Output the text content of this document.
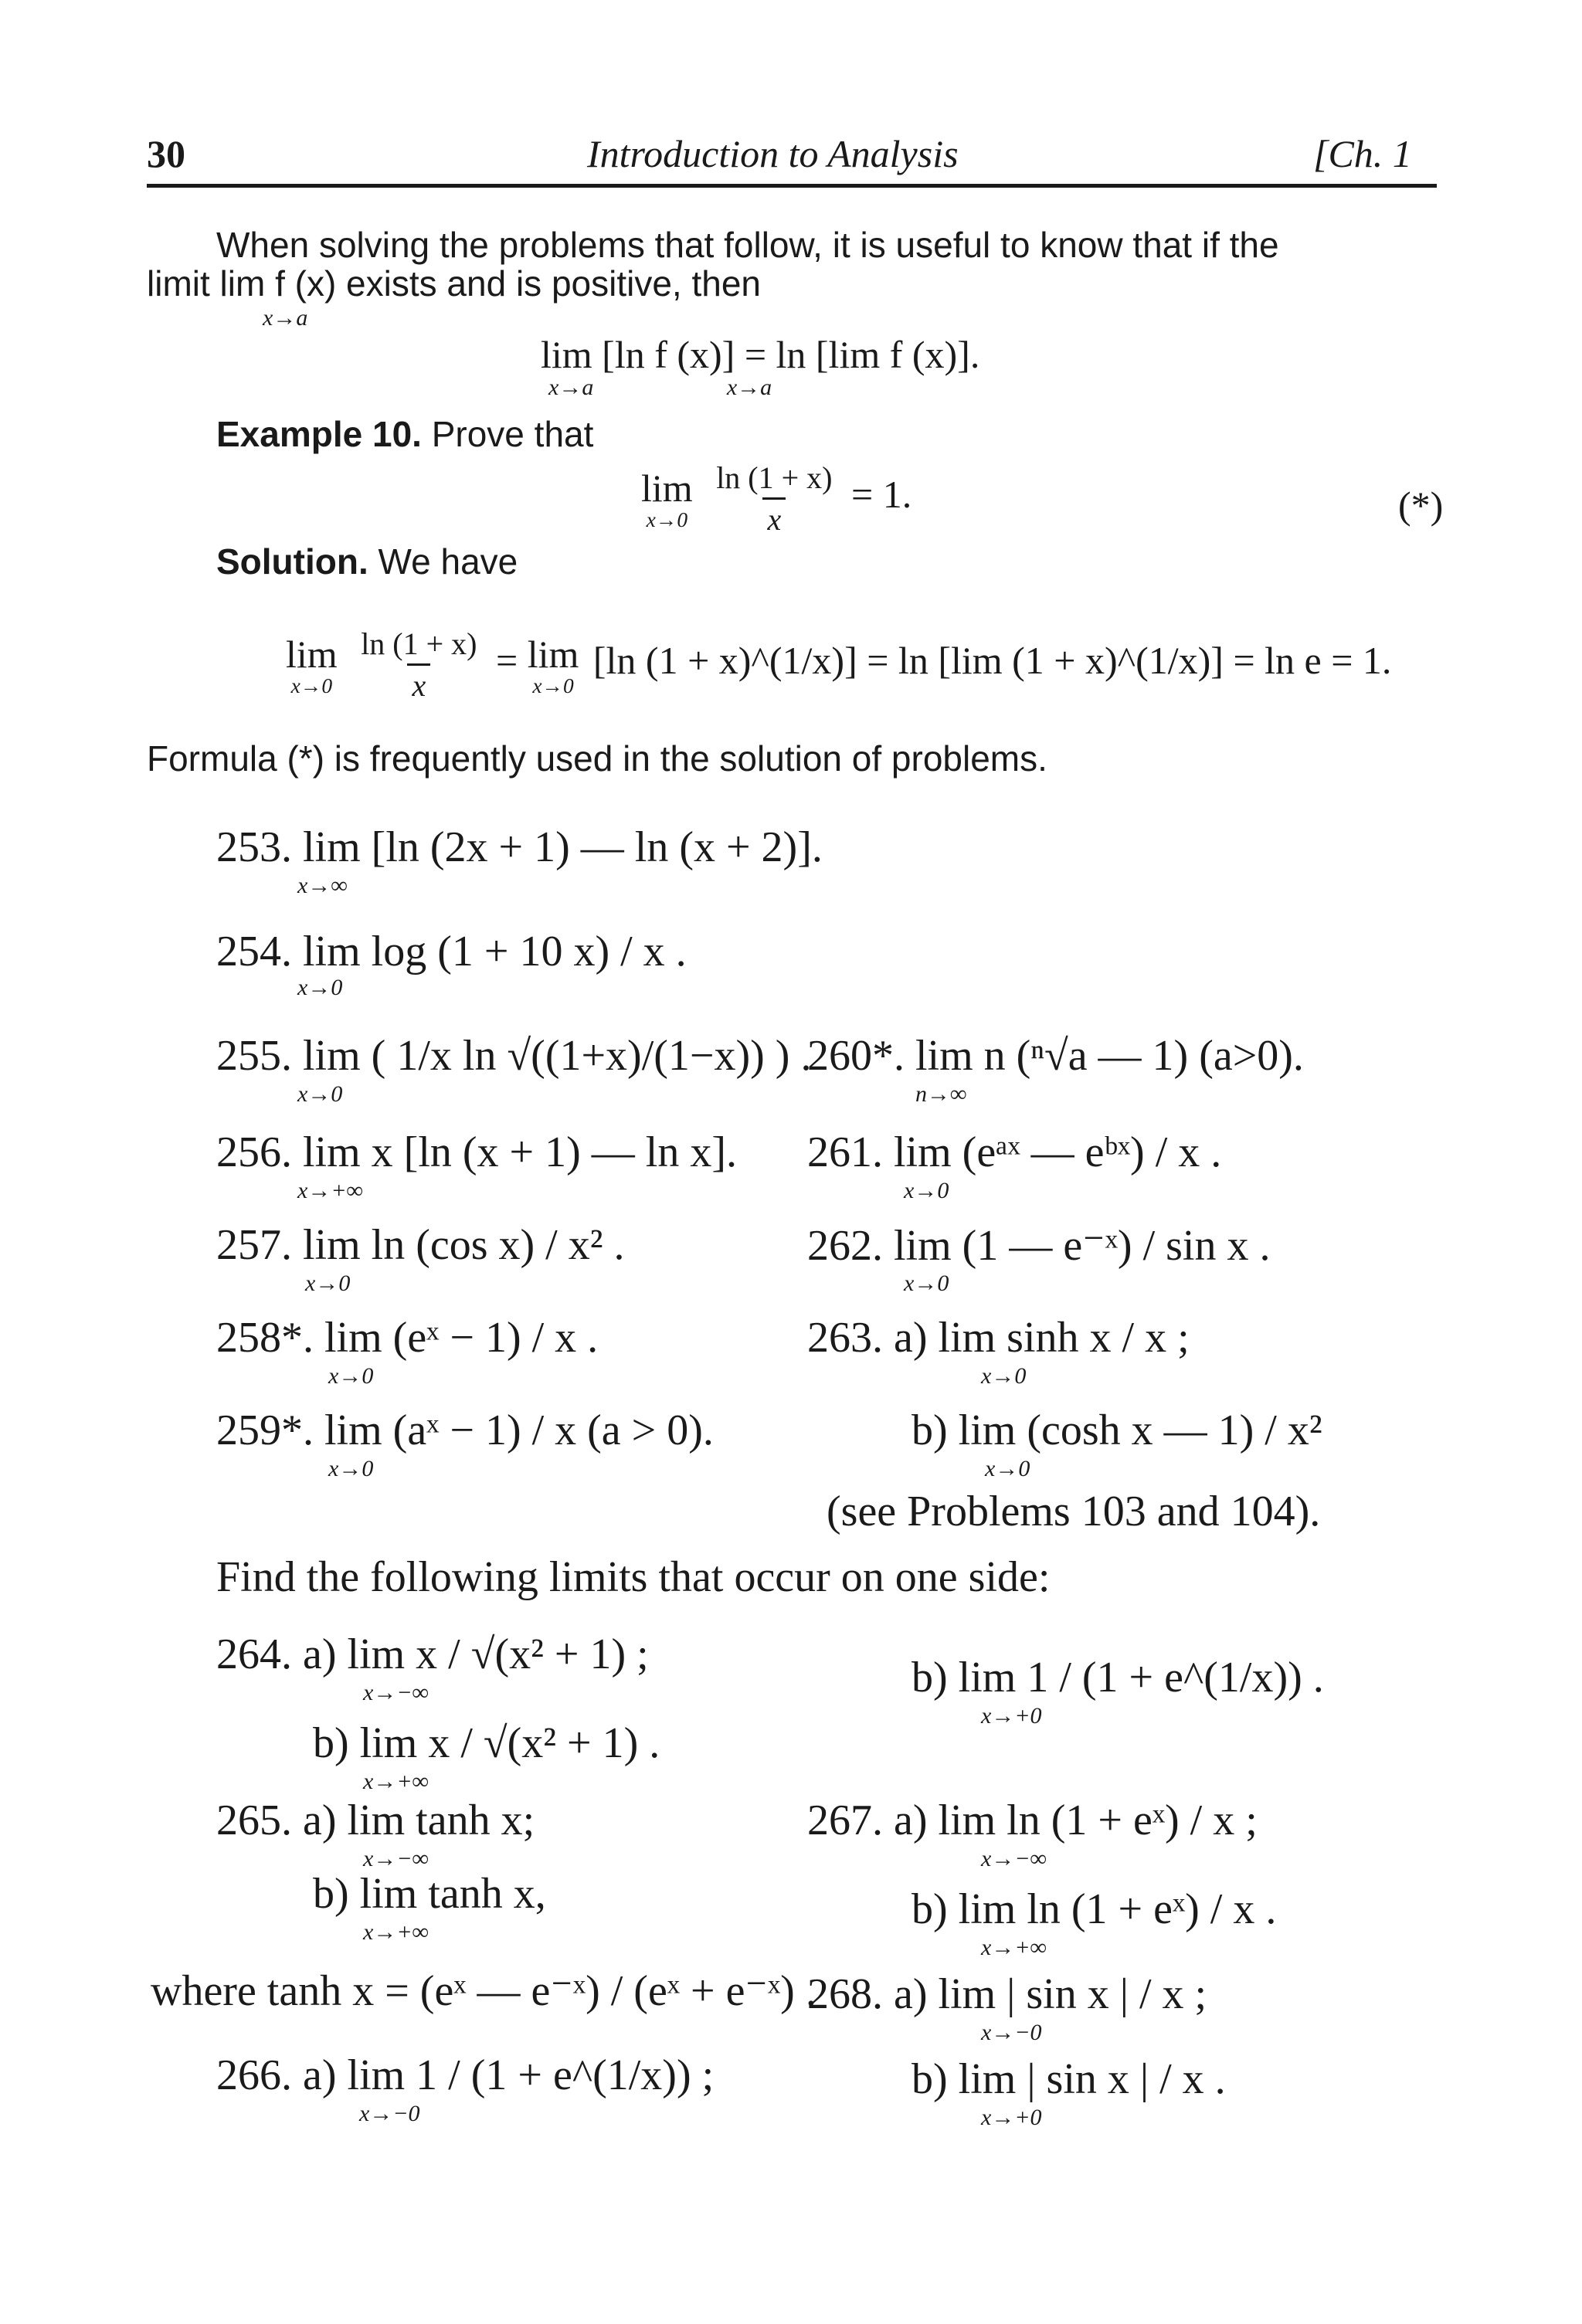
30	Introduction to Analysis	[Ch. 1
When solving the problems that follow, it is useful to know that if the
limit lim f (x) exists and is positive, then
x→a
lim [ln f (x)] = ln [lim f (x)].
x→a                       x→a
Example 10. Prove that
lim
x→0
$\frac{\ln (1 + x)}{x} = 1$.	(*)
Solution. We have
lim
x→0
$\frac{\ln (1 + x)}{x} = \lim$
x→0
[ln (1 + x)^(1/x)] = ln [lim (1 + x)^(1/x)] = ln e = 1.
Formula (*) is frequently used in the solution of problems.
253. lim [ln (2x + 1) — ln (x + 2)].
x→∞
254. lim log (1 + 10 x) / x .
x→0
255. lim ( 1/x ln √((1+x)/(1−x)) ) .
x→0
256. lim x [ln (x + 1) — ln x].
x→+∞
257. lim ln (cos x) / x² .
x→0
258*. lim (eˣ − 1) / x .
x→0
259*. lim (aˣ − 1) / x (a > 0).
x→0
260*. lim n (ⁿ√a — 1) (a>0).
n→∞
261. lim (eᵃˣ — eᵇˣ) / x .
x→0
262. lim (1 — e⁻ˣ) / sin x .
x→0
263. a) lim sinh x / x ;
x→0
b) lim (cosh x — 1) / x²
x→0
(see Problems 103 and 104).
Find the following limits that occur on one side:
264. a) lim x / √(x² + 1) ;
x→−∞
b) lim x / √(x² + 1) .
x→+∞
265. a) lim tanh x;
x→−∞
b) lim tanh x,
x→+∞
where tanh x = (eˣ — e⁻ˣ) / (eˣ + e⁻ˣ) .
266. a) lim 1 / (1 + e^(1/x)) ;
x→−0
b) lim 1 / (1 + e^(1/x)) .
x→+0
267. a) lim ln (1 + eˣ) / x ;
x→−∞
b) lim ln (1 + eˣ) / x .
x→+∞
268. a) lim | sin x | / x ;
x→−0
b) lim | sin x | / x .
x→+0
